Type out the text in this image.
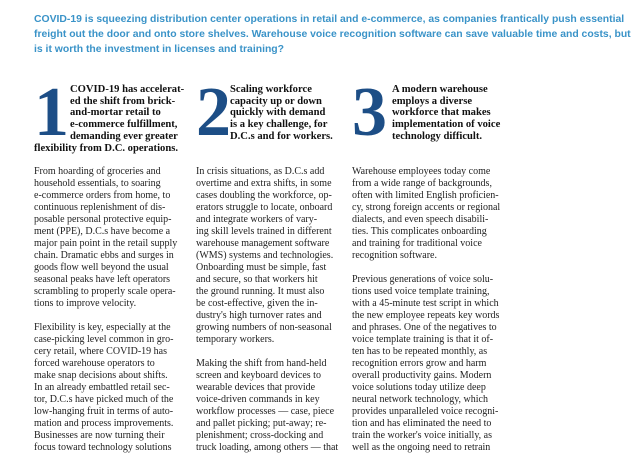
COVID-19 is squeezing distribution center operations in retail and e-commerce, as companies frantically push essential
freight out the door and onto store shelves. Warehouse voice recognition software can save valuable time and costs, but
is it worth the investment in licenses and training?
1 COVID-19 has accelerat-
ed the shift from brick-
and-mortar retail to
e-commerce fulfillment,
demanding ever greater
flexibility from D.C. operations.
From hoarding of groceries and
household essentials, to soaring
e-commerce orders from home, to
continuous replenishment of dis-
posable personal protective equip-
ment (PPE), D.C.s have become a
major pain point in the retail supply
chain. Dramatic ebbs and surges in
goods flow well beyond the usual
seasonal peaks have left operators
scrambling to properly scale opera-
tions to improve velocity.
Flexibility is key, especially at the
case-picking level common in gro-
cery retail, where COVID-19 has
forced warehouse operators to
make snap decisions about shifts.
In an already embattled retail sec-
tor, D.C.s have picked much of the
low-hanging fruit in terms of auto-
mation and process improvements.
Businesses are now turning their
focus toward technology solutions
2 Scaling workforce
capacity up or down
quickly with demand
is a key challenge, for
D.C.s and for workers.
In crisis situations, as D.C.s add
overtime and extra shifts, in some
cases doubling the workforce, op-
erators struggle to locate, onboard
and integrate workers of vary-
ing skill levels trained in different
warehouse management software
(WMS) systems and technologies.
Onboarding must be simple, fast
and secure, so that workers hit
the ground running. It must also
be cost-effective, given the in-
dustry's high turnover rates and
growing numbers of non-seasonal
temporary workers.
Making the shift from hand-held
screen and keyboard devices to
wearable devices that provide
voice-driven commands in key
workflow processes — case, piece
and pallet picking; put-away; re-
plenishment; cross-docking and
truck loading, among others — that
3 A modern warehouse
employs a diverse
workforce that makes
implementation of voice
technology difficult.
Warehouse employees today come
from a wide range of backgrounds,
often with limited English proficien-
cy, strong foreign accents or regional
dialects, and even speech disabili-
ties. This complicates onboarding
and training for traditional voice
recognition software.
Previous generations of voice solu-
tions used voice template training,
with a 45-minute test script in which
the new employee repeats key words
and phrases. One of the negatives to
voice template training is that it of-
ten has to be repeated monthly, as
recognition errors grow and harm
overall productivity gains. Modern
voice solutions today utilize deep
neural network technology, which
provides unparalleled voice recogni-
tion and has eliminated the need to
train the worker's voice initially, as
well as the ongoing need to retrain
